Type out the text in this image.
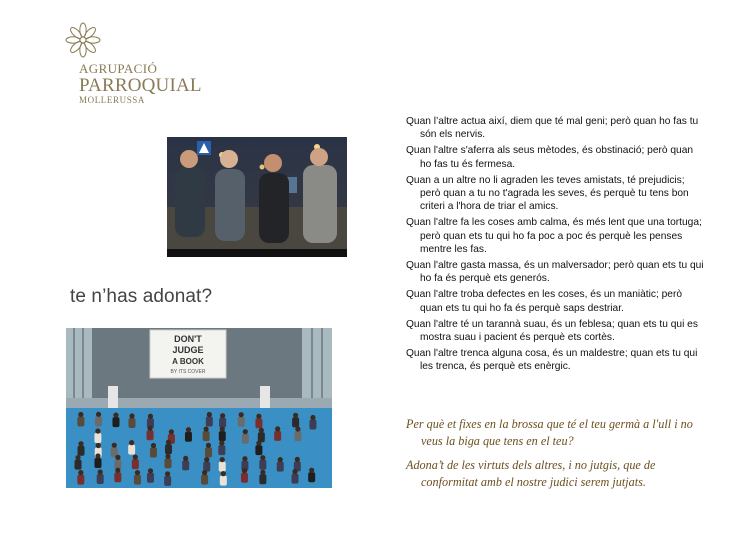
AGRUPACIÓ
PARROQUIAL
MOLLERUSSA
te n’has adonat?
DON'T
JUDGE
A BOOK
BY ITS COVER
Quan l’altre actua així, diem que té mal geni; però quan ho fas tu són els nervis.
Quan l'altre s'aferra als seus mètodes, és obstinació; però quan ho fas tu és fermesa.
Quan a un altre no li agraden les teves amistats, té prejudicis; però quan a tu no t'agrada les seves, és perquè tu tens bon criteri a l'hora de triar el amics.
Quan l'altre fa les coses amb calma, és més lent que una tortuga; però quan ets tu qui ho fa poc a poc és perquè les penses mentre les fas.
Quan l'altre gasta massa, és un malversador; però quan ets tu qui ho fa és perquè ets generós.
Quan l'altre troba defectes en les coses, és un maniàtic; però quan ets tu qui ho fa és perquè saps destriar.
Quan l'altre té un tarannà suau, és un feblesa; quan ets tu qui es mostra suau i pacient és perquè ets cortès.
Quan l'altre trenca alguna cosa, és un maldestre; quan ets tu qui les trenca, és perquè ets enèrgic.

Per què et fixes en la brossa que té el teu germà a l'ull i no veus la biga que tens en el teu?

Adona’t de les virtuts dels altres, i no jutgis, que de conformitat amb el nostre judici serem jutjats.
